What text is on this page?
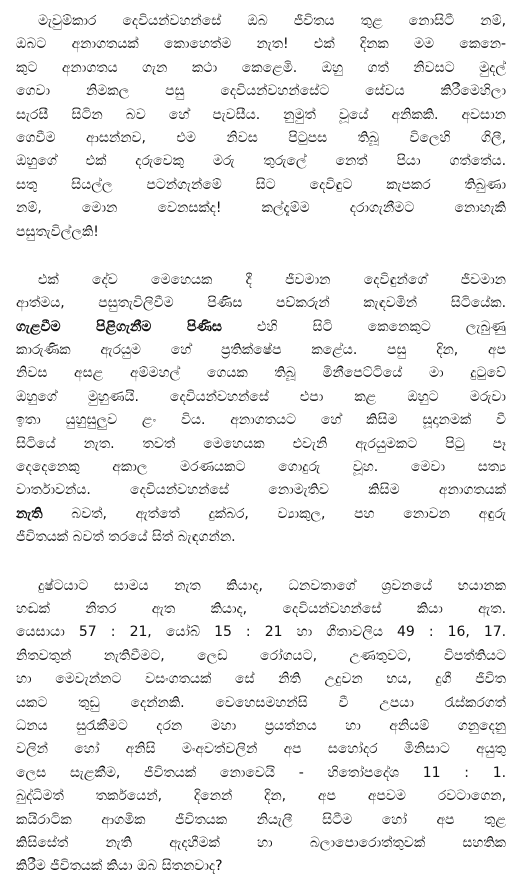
මැවුම්කාර දෙවියන්වහන්සේ ඔබ ජීවිතය තුළ නොසිටී නම්,
ඔබට අනාගතයක් කොහෙත්ම නැත! එක් දිනක මම කෙනෙ-
කුට අනාගතය ගැන කථා කෙළෙමි. ඔහු ගත් නිවසට මුදල්
ගෙවා නිමකල පසු දෙවියන්වහන්සේට සේවය කිරීමෙහිලා
සැරසී සිටින බව හේ පැවසීය. නුමුත් වූයේ අනිකකි. අවසාන
ගෙවීම ආසන්නව, එම නිවස පිටුපස තිබූ විලෙහි ගිලී,
ඔහුගේ එක් දරුවෙකු මරු තුරුලේ නෙත් පියා ගත්තේය.
සතු සියල්ල පටන්ගැන්මේ සිට දෙවිඳුට කැපකර තිබුණා
නම්, මොන වෙනසක්ද! කල්දැම්ම දරාගැනීමට නොහැකි
පසුතැවිල්ලකි!
එක් දේව මෙහෙයක දී ජීවමාන දෙවිඳුන්ගේ ජීවමාන
ආත්මය, පසුතැවිලිවීම පිණිස පව්කරුන් කැඳවමින් සිටියේක.
ගැළවීම පිළිගැනීම පිණිස එහි සිටි කෙනෙකුට ලැබුණු
කාරුණික ඇරයුම හේ ප්‍රතික්ෂේප කළේය. පසු දින, අප
නිවස අසළ අම්මහල් ගෙයක තිබූ මිනීපෙට්ටියේ මා දුටුවේ
ඔහුගේ මුහුණයි. දෙවියන්වහන්සේ එපා කළ ඔහුට මරුවා
ඉතා යුහුසුලුව ළං විය. අනාගතයට හේ කිසිම සූදානමක් වී
සිටියේ නැත. තවත් මෙහෙයක එවැනි ඇරයුමකට පිටු පෑ
දෙදෙනෙකු අකාල මරණයකට ගොදුරු වූහ. මෙවා සත්‍ය
වාර්තාවන්ය. දෙවියන්වහන්සේ නොමැතිව කිසිම අනාගතයක්
නැති බවත්, ඇත්තේ දුක්බර, ව්‍යාකුල, පහ නොවන අඳුරු
ජීවිතයක් බවත් තරයේ සිත් බැඳගන්න.
දුෂ්ටයාට සාමය නැත කියාද, ධනවතාගේ ශ්‍රවනයේ භයානක
හඬක් නිතර ඇත කියාද, දෙවියන්වහන්සේ කියා ඇත.
යෙසායා 57 : 21, යෝබ් 15 : 21 හා ගීතාවලිය 49 : 16, 17.
නිතවතුන් නැතිවීමට, ලෙඩ රෝගයට, උණතුවට, විපත්තියට
හා මෙවැන්නට වසංගතයක් සේ නිති උදුවන භය, දුගී ජීවිත
යකට තුඩු දෙන්නකි. වෙහෙසමහන්සි වී උපයා රැස්කරගත්
ධනය සුරැකීමට දරන මහා ප්‍රයත්නය හා අනියම් ගනුදෙනු
වලින් හෝ අනිසි මංඅවත්වලින් අප සහෝදර මිනිසාට අයුතු
ලෙස සැළකීම, ජීවිතයක් නොවෙයි - හිතෝපදේශ 11 : 1.
බුද්ධිමත් තර්කයෙන්, දිනෙන් දින, අප අපවම රවටාගෙන,
කයිරාටික ආගමික ජීවිතයක නියැලී සිටීම හෝ අප තුළ
කිසිසේත් නැති ඇදහීමක් හා බලාපොරොත්තුවක් සහතික
කිරීම ජීවිතයක් කියා ඔබ සිතනවාද?
